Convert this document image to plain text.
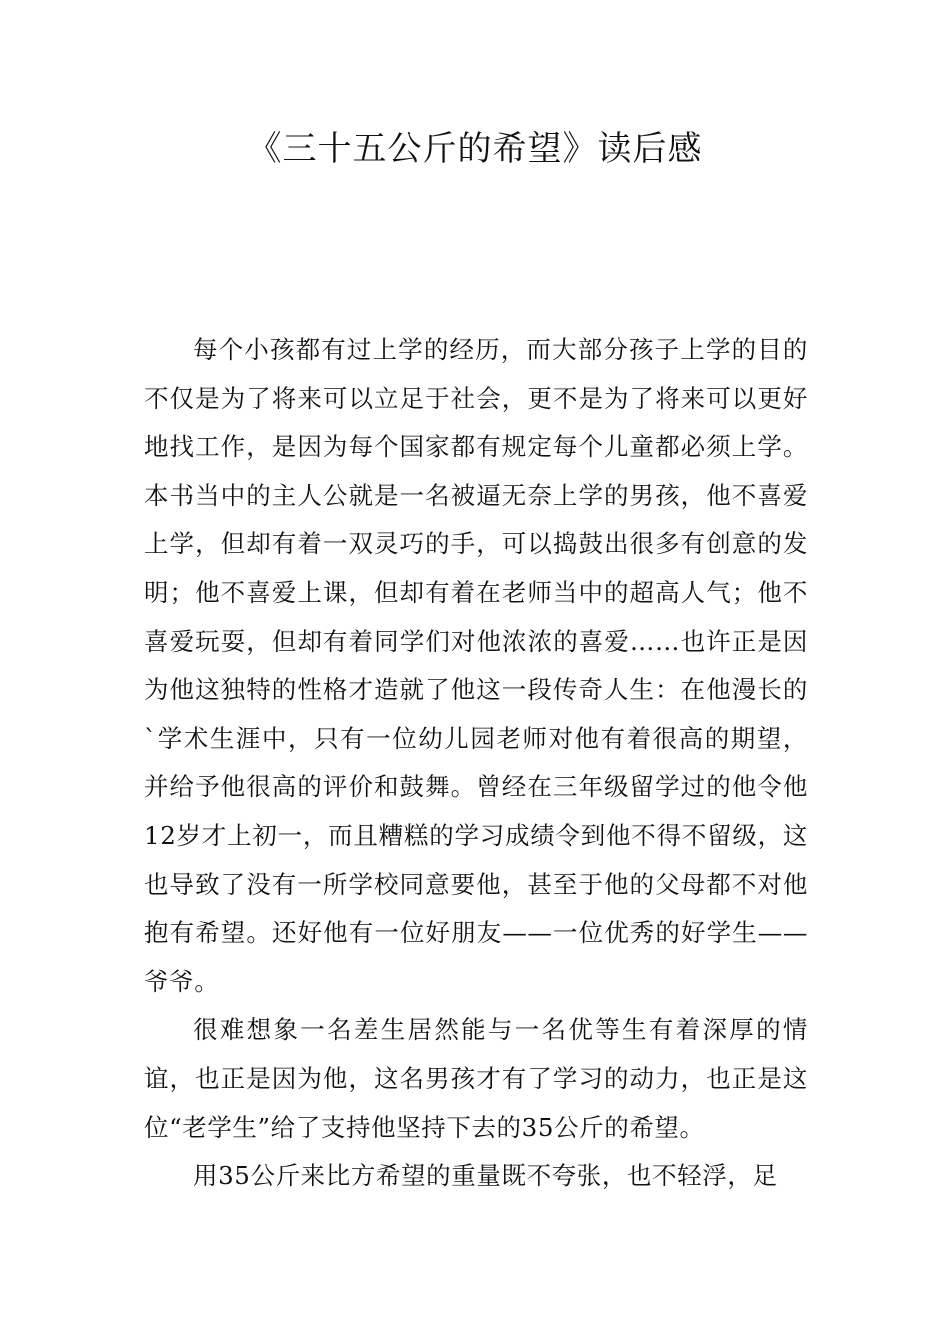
《三十五公斤的希望》读后感

每个小孩都有过上学的经历，而大部分孩子上学的目的不仅是为了将来可以立足于社会，更不是为了将来可以更好地找工作，是因为每个国家都有规定每个儿童都必须上学。本书当中的主人公就是一名被逼无奈上学的男孩，他不喜爱上学，但却有着一双灵巧的手，可以捣鼓出很多有创意的发明；他不喜爱上课，但却有着在老师当中的超高人气；他不喜爱玩耍，但却有着同学们对他浓浓的喜爱……也许正是因为他这独特的性格才造就了他这一段传奇人生：在他漫长的`学术生涯中，只有一位幼儿园老师对他有着很高的期望，并给予他很高的评价和鼓舞。曾经在三年级留学过的他令他12岁才上初一，而且糟糕的学习成绩令到他不得不留级，这也导致了没有一所学校同意要他，甚至于他的父母都不对他抱有希望。还好他有一位好朋友——一位优秀的好学生——爷爷。

很难想象一名差生居然能与一名优等生有着深厚的情谊，也正是因为他，这名男孩才有了学习的动力，也正是这位“老学生”给了支持他坚持下去的35公斤的希望。

用35公斤来比方希望的重量既不夸张，也不轻浮，足
